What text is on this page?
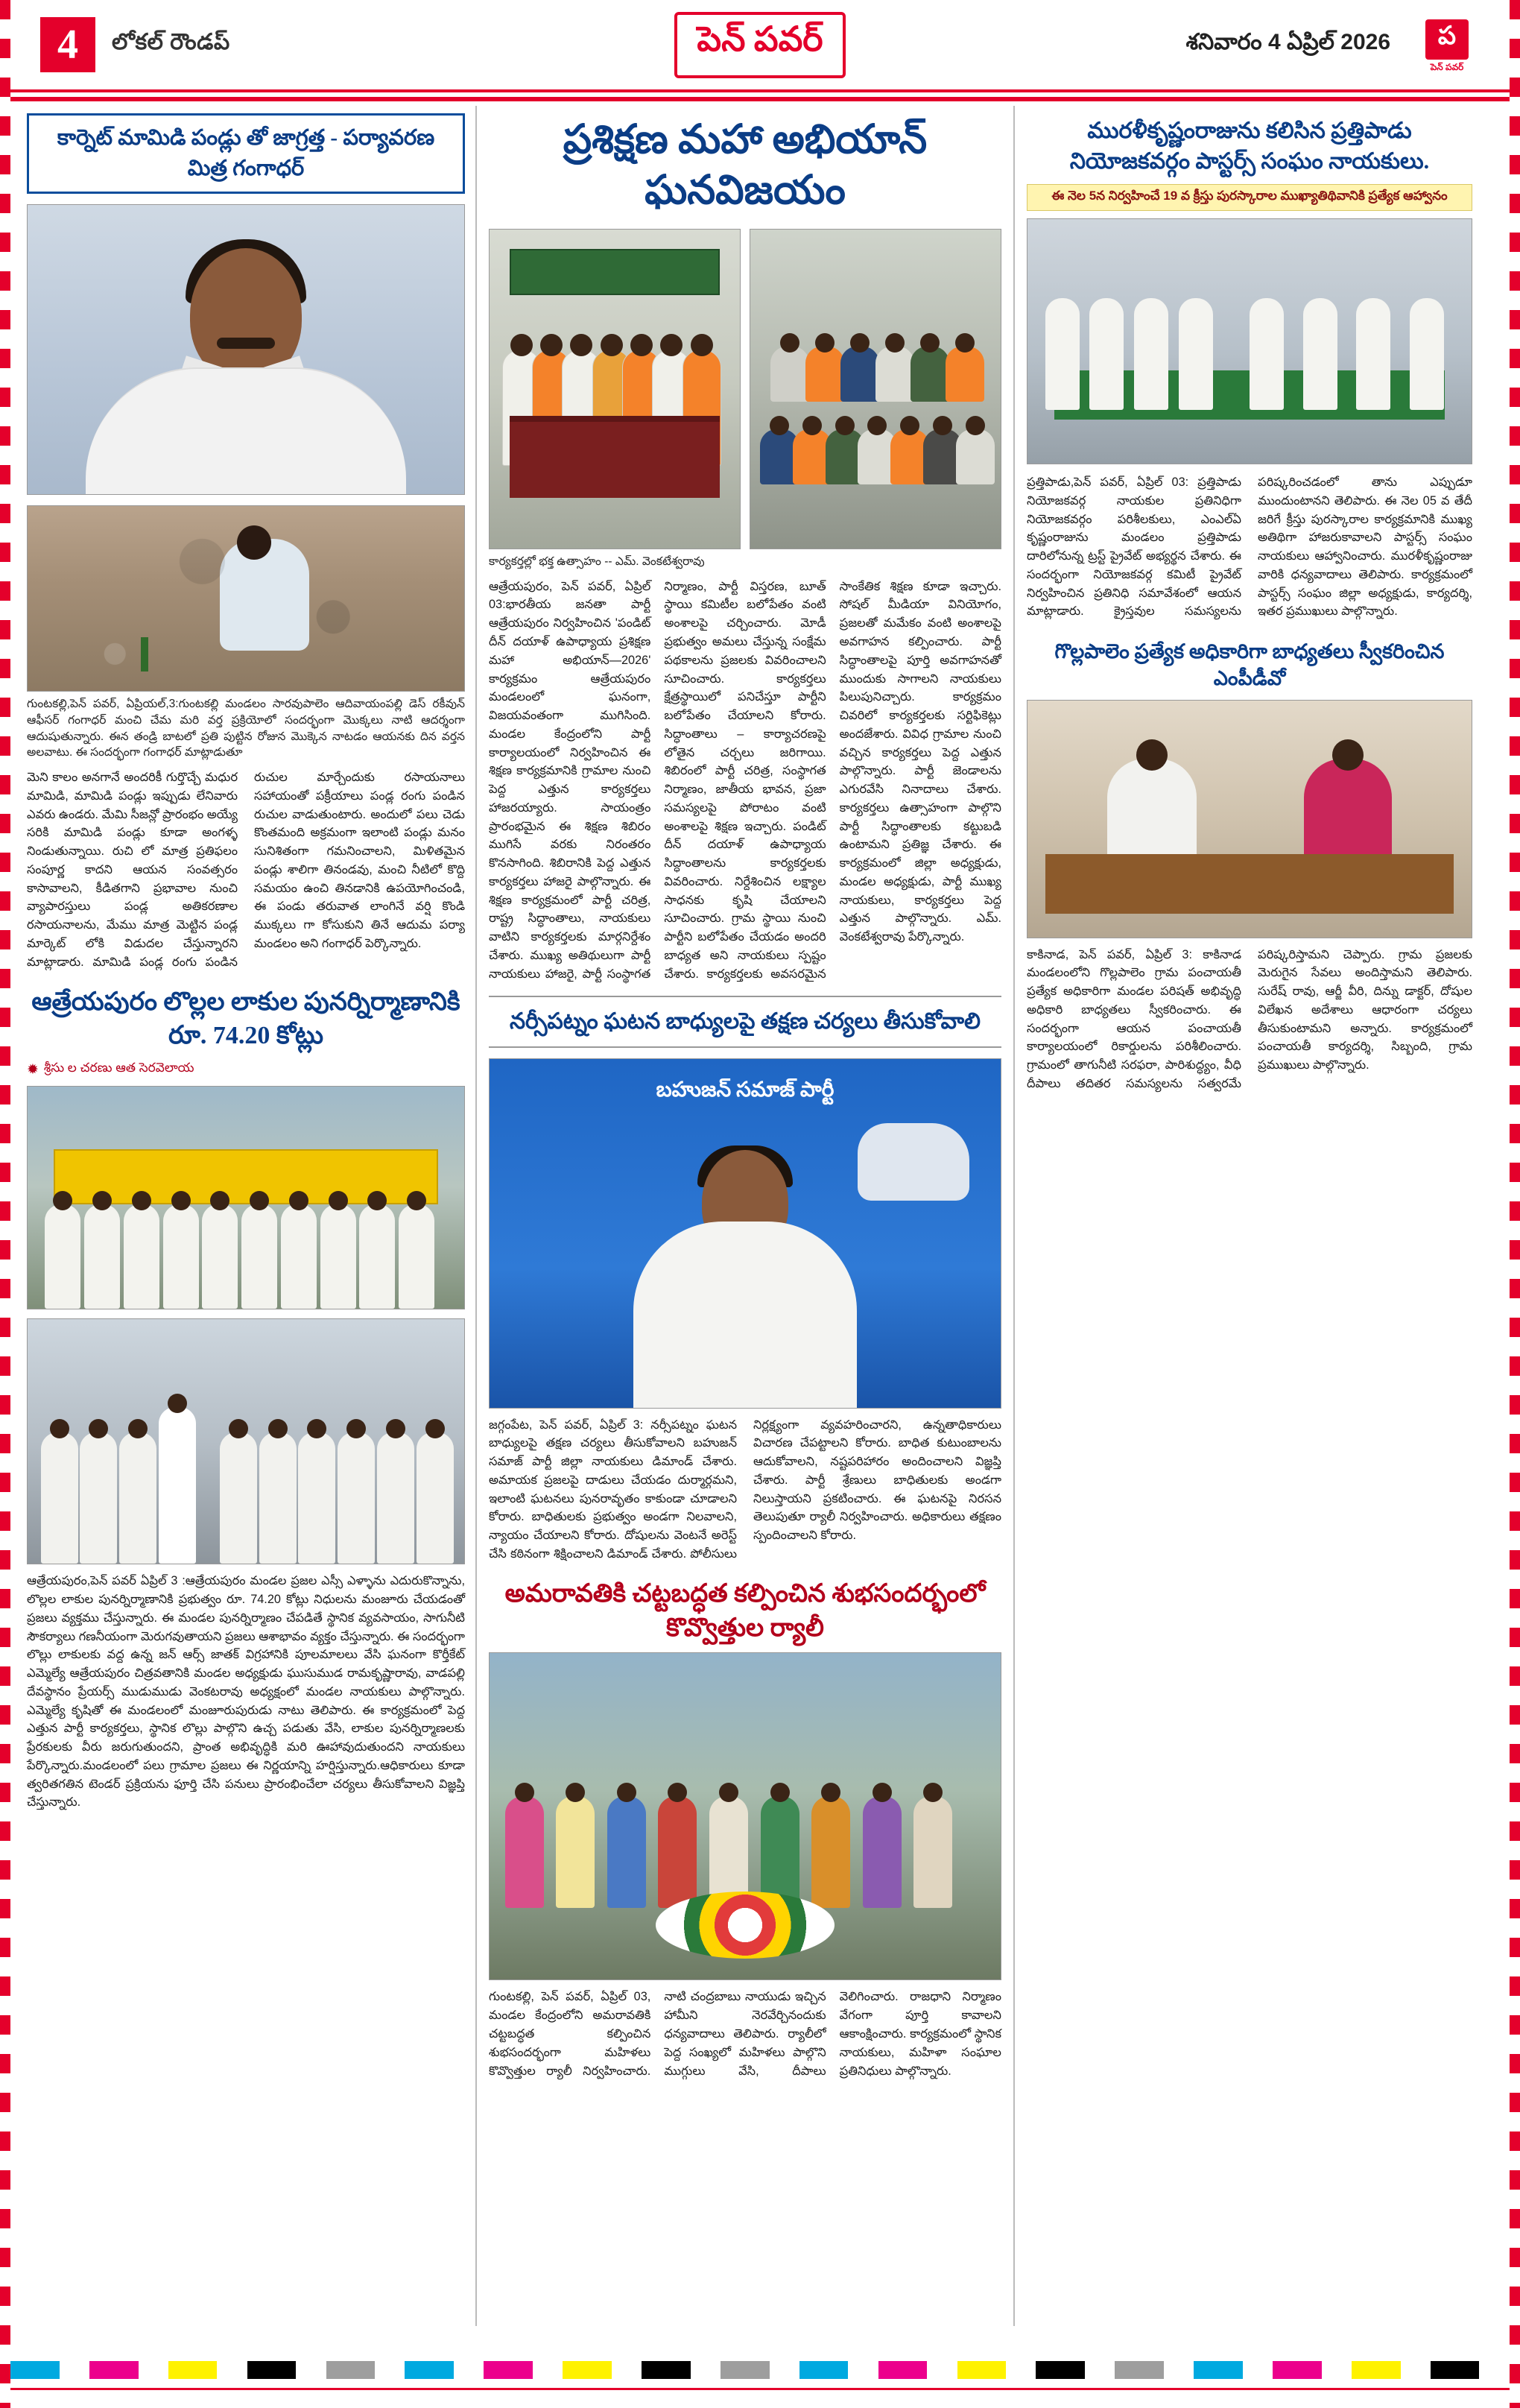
4	లోకల్ రౌండప్	పెన్ పవర్	శనివారం 4 ఏప్రిల్ 2026	ప
పెన్ పవర్
కార్నెట్ మామిడి పండ్లు తో జాగ్రత్త - పర్యావరణ మిత్ర గంగాధర్
గుంటకల్లి,పెన్ పవర్, ఏప్రియల్,3:గుంటకల్లి మండలం సారవుపాలెం ఆదివాయంపల్లి డెస్ రకీవున్ ఆఫీసర్ గంగాధర్ మంచి చేమ మరి వర్త ప్రక్రియోలో సందర్భంగా మొక్కలు నాటి ఆదర్శంగా ఆదుషుతున్నారు. ఈన తండ్రి బాటలో ప్రతి పుట్టిన రోజున మొక్కెన నాటడం ఆయనకు దిన వర్తన అలవాటు. ఈ సందర్భంగా గంగాధర్ మాట్లాడుతూ

మెని కాలం అనగానే అందరికీ గుర్తొచ్చే మధుర మామిడి, మామిడి పండ్లు ఇప్పుడు లేనివారు ఎవరు ఉండరు. మేమి సీజన్లో ప్రారంభం అయ్యే సరికి మామిడి పండ్లు కూడా అంగళ్ళ నిండుతున్నాయి. రుచి లో మాత్ర ప్రతిఫలం సంపూర్ణ కాదని ఆయన సంవత్సరం కాసావాలని, కీడితగాని ప్రభావాల నుంచి వ్యాపారస్తులు పండ్ల అతికరణాల రసాయనాలను, మేము మాత్ర మెట్టిన పండ్ల మార్కెట్ లోకి విడుదల చేస్తున్నారని మాట్లాడారు. మామిడి పండ్ల రంగు పండిన రుచుల మార్చేందుకు రసాయనాలు సహాయంతో పక్రీయాలు పండ్ల రంగు పండిన రుచుల వాడుతుంటారు. అందులో పలు చెడు కొంతమంది అక్రమంగా ఇలాంటి పండ్లు మనం సునిశితంగా గమనించాలని, మిళితమైన పండ్లు శాలిగా తినండవు, మంచి నీటిలో కొద్ది సమయం ఉంచి తినడానికి ఉపయోగించండి, ఈ పండు తరువాత లాంగినే వర్షి కొండి ముక్కలు గా కోసుకుని తినే ఆదుమ పర్యా మండలం అని గంగాధర్ పెర్కొన్నారు.

ఆత్రేయపురం లొల్లల లాకుల పునర్నిర్మాణానికి రూ. 74.20 కోట్లు
✹ శ్రీసు ల చరణు ఆత సెరవెలాయ

ఆత్రేయపురం,పెన్ పవర్ ఏప్రిల్ 3 :ఆత్రేయపురం మండల ప్రజల ఎస్సీ ఎళ్ళాను ఎదురుకొన్నాను, లొల్లల లాకుల పునర్నిర్మాణానికి ప్రభుత్వం రూ. 74.20 కోట్లు నిధులను మంజూరు చేయడంతో ప్రజలు వ్యక్తము చేస్తున్నారు. ఈ మండల పునర్నిర్మాణం చేపడితే స్థానిక వ్యవసాయం, సాగునీటి సౌకర్యాలు గణనీయంగా మెరుగవుతాయని ప్రజలు ఆశాభావం వ్యక్తం చేస్తున్నారు. ఈ సందర్భంగా లొల్లు లాకులకు వద్ద ఉన్న జన్ ఆర్స్ జాతక్ విగ్రహానికి పూలమాలలు వేసి ఘనంగా కొర్తీకేట్ ఎమ్మెల్యే ఆత్రేయపురం చిత్రవతానికి మండల అధ్యక్షుడు ఘుసుముడ రామకృష్ణారావు, వాడపల్లి దేవస్థానం ప్రేయర్స్ ముడుముడు వెంకటరావు అధ్యక్షంలో మండల నాయకులు పాల్గొన్నారు. ఎమ్మెల్యే కృషితో ఈ మండలంలో మంజూరుపురుడు నాటు తెలిపారు. ఈ కార్యక్రమంలో పెద్ద ఎత్తున పార్టీ కార్యకర్తలు, స్థానిక లొల్లు పాల్గొని ఉచ్చ పడుతు వేసి, లాకుల పునర్నిర్మాణలకు ప్రేరకులకు వీరు జరుగుతుందని, ప్రాంత అభివృద్ధికి మరి ఊహావుదుతుందని నాయకులు పేర్కొన్నారు.మండలంలో పలు గ్రామాల ప్రజలు ఈ నిర్ణయాన్ని హర్షిస్తున్నారు.ఆధికారులు కూడా త్వరితగతిన టెండర్ ప్రక్రియను ఫూర్తి చేసి పనులు ప్రారంభించేలా చర్యలు తీసుకోవాలని విజ్ఞప్తి చేస్తున్నారు.

ప్రశిక్షణ మహా అభియాన్ ఘనవిజయం
కార్యకర్తల్లో భక్త ఉత్సాహం -- ఎమ్. వెంకటేశ్వరావు

ఆత్రేయపురం, పెన్ పవర్, ఏప్రిల్ 03:భారతీయ జనతా పార్టీ ఆత్రేయపురం నిర్వహించిన 'పండిట్ దీన్ దయాళ్ ఉపాధ్యాయ ప్రశిక్షణ మహా అభియాన్—2026' కార్యక్రమం ఆత్రేయపురం మండలంలో ఘనంగా, విజయవంతంగా ముగిసింది. మండల కేంద్రంలోని పార్టీ కార్యాలయంలో నిర్వహించిన ఈ శిక్షణ కార్యక్రమానికి గ్రామాల నుంచి పెద్ద ఎత్తున కార్యకర్తలు హాజరయ్యారు. సాయంత్రం ప్రారంభమైన ఈ శిక్షణ శిబిరం ముగిసే వరకు నిరంతరం కొనసాగింది. శిబిరానికి పెద్ద ఎత్తున కార్యకర్తలు హాజరై పాల్గొన్నారు. ఈ శిక్షణ కార్యక్రమంలో పార్టీ చరిత్ర, రాష్ట్ర సిద్ధాంతాలు, నాయకులు వాటిని కార్యకర్తలకు మార్గనిర్దేశం చేశారు. ముఖ్య అతిథులుగా పార్టీ నాయకులు హాజరై, పార్టీ సంస్థాగత నిర్మాణం, పార్టీ విస్తరణ, బూత్ స్థాయి కమిటీల బలోపేతం వంటి అంశాలపై చర్చించారు. మోడీ ప్రభుత్వం అమలు చేస్తున్న సంక్షేమ పథకాలను ప్రజలకు వివరించాలని సూచించారు. కార్యకర్తలు క్షేత్రస్థాయిలో పనిచేస్తూ పార్టీని బలోపేతం చేయాలని కోరారు. సిద్ధాంతాలు – కార్యాచరణపై లోతైన చర్చలు జరిగాయి. శిబిరంలో పార్టీ చరిత్ర, సంస్థాగత నిర్మాణం, జాతీయ భావన, ప్రజా సమస్యలపై పోరాటం వంటి అంశాలపై శిక్షణ ఇచ్చారు. పండిట్ దీన్ దయాళ్ ఉపాధ్యాయ సిద్ధాంతాలను కార్యకర్తలకు వివరించారు. నిర్దేశించిన లక్ష్యాల సాధనకు కృషి చేయాలని సూచించారు. గ్రామ స్థాయి నుంచి పార్టీని బలోపేతం చేయడం అందరి బాధ్యత అని నాయకులు స్పష్టం చేశారు. కార్యకర్తలకు అవసరమైన సాంకేతిక శిక్షణ కూడా ఇచ్చారు. సోషల్ మీడియా వినియోగం, ప్రజలతో మమేకం వంటి అంశాలపై అవగాహన కల్పించారు. పార్టీ సిద్ధాంతాలపై పూర్తి అవగాహనతో ముందుకు సాగాలని నాయకులు పిలుపునిచ్చారు. కార్యక్రమం చివరిలో కార్యకర్తలకు సర్టిఫికెట్లు అందజేశారు. వివిధ గ్రామాల నుంచి వచ్చిన కార్యకర్తలు పెద్ద ఎత్తున పాల్గొన్నారు. పార్టీ జెండాలను ఎగురవేసి నినాదాలు చేశారు. కార్యకర్తలు ఉత్సాహంగా పాల్గొని పార్టీ సిద్ధాంతాలకు కట్టుబడి ఉంటామని ప్రతిజ్ఞ చేశారు. ఈ కార్యక్రమంలో జిల్లా అధ్యక్షుడు, మండల అధ్యక్షుడు, పార్టీ ముఖ్య నాయకులు, కార్యకర్తలు పెద్ద ఎత్తున పాల్గొన్నారు. ఎమ్. వెంకటేశ్వరావు పేర్కొన్నారు.

నర్సీపట్నం ఘటన బాధ్యులపై తక్షణ చర్యలు తీసుకోవాలి
బహుజన్ సమాజ్ పార్టీ

జగ్గంపేట, పెన్ పవర్, ఏప్రిల్ 3: నర్సీపట్నం ఘటన బాధ్యులపై తక్షణ చర్యలు తీసుకోవాలని బహుజన్ సమాజ్ పార్టీ జిల్లా నాయకులు డిమాండ్ చేశారు. అమాయక ప్రజలపై దాడులు చేయడం దుర్మార్గమని, ఇలాంటి ఘటనలు పునరావృతం కాకుండా చూడాలని కోరారు. బాధితులకు ప్రభుత్వం అండగా నిలవాలని, న్యాయం చేయాలని కోరారు. దోషులను వెంటనే అరెస్ట్ చేసి కఠినంగా శిక్షించాలని డిమాండ్ చేశారు. పోలీసులు నిర్లక్ష్యంగా వ్యవహరించారని, ఉన్నతాధికారులు విచారణ చేపట్టాలని కోరారు. బాధిత కుటుంబాలను ఆదుకోవాలని, నష్టపరిహారం అందించాలని విజ్ఞప్తి చేశారు. పార్టీ శ్రేణులు బాధితులకు అండగా నిలుస్తాయని ప్రకటించారు. ఈ ఘటనపై నిరసన తెలుపుతూ ర్యాలీ నిర్వహించారు. అధికారులు తక్షణం స్పందించాలని కోరారు.

అమరావతికి చట్టబద్ధత కల్పించిన శుభసందర్భంలో కొవ్వొత్తుల ర్యాలీ

గుంటకల్లి, పెన్ పవర్, ఏప్రిల్ 03, మండల కేంద్రంలోని అమరావతికి చట్టబద్ధత కల్పించిన శుభసందర్భంగా మహిళలు కొవ్వొత్తుల ర్యాలీ నిర్వహించారు. నాటి చంద్రబాబు నాయుడు ఇచ్చిన హామీని నెరవేర్చినందుకు ధన్యవాదాలు తెలిపారు. ర్యాలీలో పెద్ద సంఖ్యలో మహిళలు పాల్గొని ముగ్గులు వేసి, దీపాలు వెలిగించారు. రాజధాని నిర్మాణం వేగంగా పూర్తి కావాలని ఆకాంక్షించారు. కార్యక్రమంలో స్థానిక నాయకులు, మహిళా సంఘాల ప్రతినిధులు పాల్గొన్నారు.

మురళీకృష్ణంరాజును కలిసిన ప్రత్తిపాడు నియోజకవర్గం పాస్టర్స్ సంఘం నాయకులు.
ఈ నెల 5న నిర్వహించే 19 వ క్రీస్తు పురస్కారాల ముఖ్యాతిథివానికి ప్రత్యేక ఆహ్వానం

ప్రత్తిపాడు,పెన్ పవర్, ఏప్రిల్ 03: ప్రత్తిపాడు నియోజకవర్గ నాయకుల ప్రతినిధిగా నియోజకవర్గం పరిశీలకులు, ఎంఎల్ఏ కృష్ణంరాజును మండలం ప్రత్తిపాడు దారిలోనున్న ట్రస్ట్ ప్రైవేట్ అభ్యర్థన చేశారు. ఈ సందర్భంగా నియోజకవర్గ కమిటీ ప్రైవేట్ నిర్వహించిన ప్రతినిధి సమావేశంలో ఆయన మాట్లాడారు. క్రైస్తవుల సమస్యలను పరిష్కరించడంలో తాను ఎప్పుడూ ముందుంటానని తెలిపారు. ఈ నెల 05 వ తేదీ జరిగే క్రీస్తు పురస్కారాల కార్యక్రమానికి ముఖ్య అతిథిగా హాజరుకావాలని పాస్టర్స్ సంఘం నాయకులు ఆహ్వానించారు. మురళీకృష్ణంరాజు వారికి ధన్యవాదాలు తెలిపారు. కార్యక్రమంలో పాస్టర్స్ సంఘం జిల్లా అధ్యక్షుడు, కార్యదర్శి, ఇతర ప్రముఖులు పాల్గొన్నారు.

గొల్లపాలెం ప్రత్యేక అధికారిగా బాధ్యతలు స్వీకరించిన ఎంపీడీవో

కాకినాడ, పెన్ పవర్, ఏప్రిల్ 3: కాకినాడ మండలంలోని గొల్లపాలెం గ్రామ పంచాయతీ ప్రత్యేక అధికారిగా మండల పరిషత్ అభివృద్ధి అధికారి బాధ్యతలు స్వీకరించారు. ఈ సందర్భంగా ఆయన పంచాయతీ కార్యాలయంలో రికార్డులను పరిశీలించారు. గ్రామంలో తాగునీటి సరఫరా, పారిశుద్ధ్యం, వీధి దీపాలు తదితర సమస్యలను సత్వరమే పరిష్కరిస్తామని చెప్పారు. గ్రామ ప్రజలకు మెరుగైన సేవలు అందిస్తామని తెలిపారు. సురేష్ రావు, ఆర్జీ వీరి, దిన్ను డాక్టర్, దోషుల విలేఖన అదేశాలు ఆధారంగా చర్యలు తీసుకుంటామని అన్నారు. కార్యక్రమంలో పంచాయతీ కార్యదర్శి, సిబ్బంది, గ్రామ ప్రముఖులు పాల్గొన్నారు.
